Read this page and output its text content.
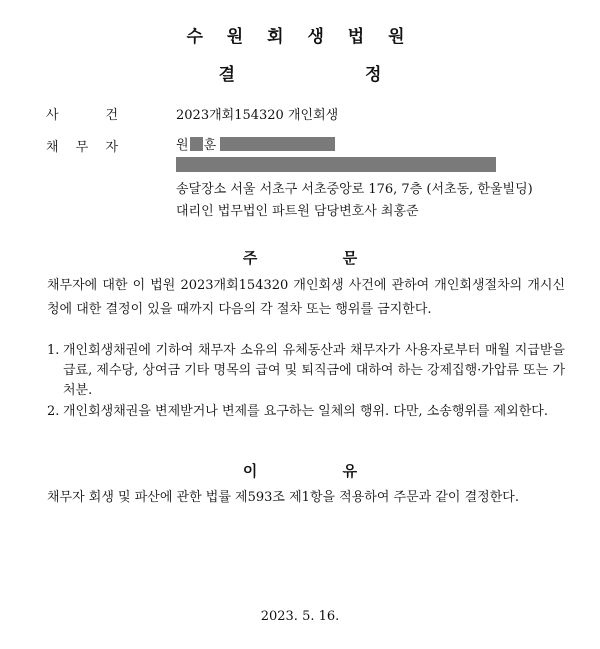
수 원 회 생 법 원
결 정
사	건	2023개회154320 개인회생
채 무 자	원 훈
송달장소 서울 서초구 서초중앙로 176, 7층 (서초동, 한울빌딩)
대리인 법무법인 파트원 담당변호사 최홍준
주 문
채무자에 대한 이 법원 2023개회154320 개인회생 사건에 관하여 개인회생절차의 개시신청에 대한 결정이 있을 때까지 다음의 각 절차 또는 행위를 금지한다.
1. 개인회생채권에 기하여 채무자 소유의 유체동산과 채무자가 사용자로부터 매월 지급받을 급료, 제수당, 상여금 기타 명목의 급여 및 퇴직금에 대하여 하는 강제집행·가압류 또는 가처분.
2. 개인회생채권을 변제받거나 변제를 요구하는 일체의 행위. 다만, 소송행위를 제외한다.
이 유
채무자 회생 및 파산에 관한 법률 제593조 제1항을 적용하여 주문과 같이 결정한다.
2023. 5. 16.
